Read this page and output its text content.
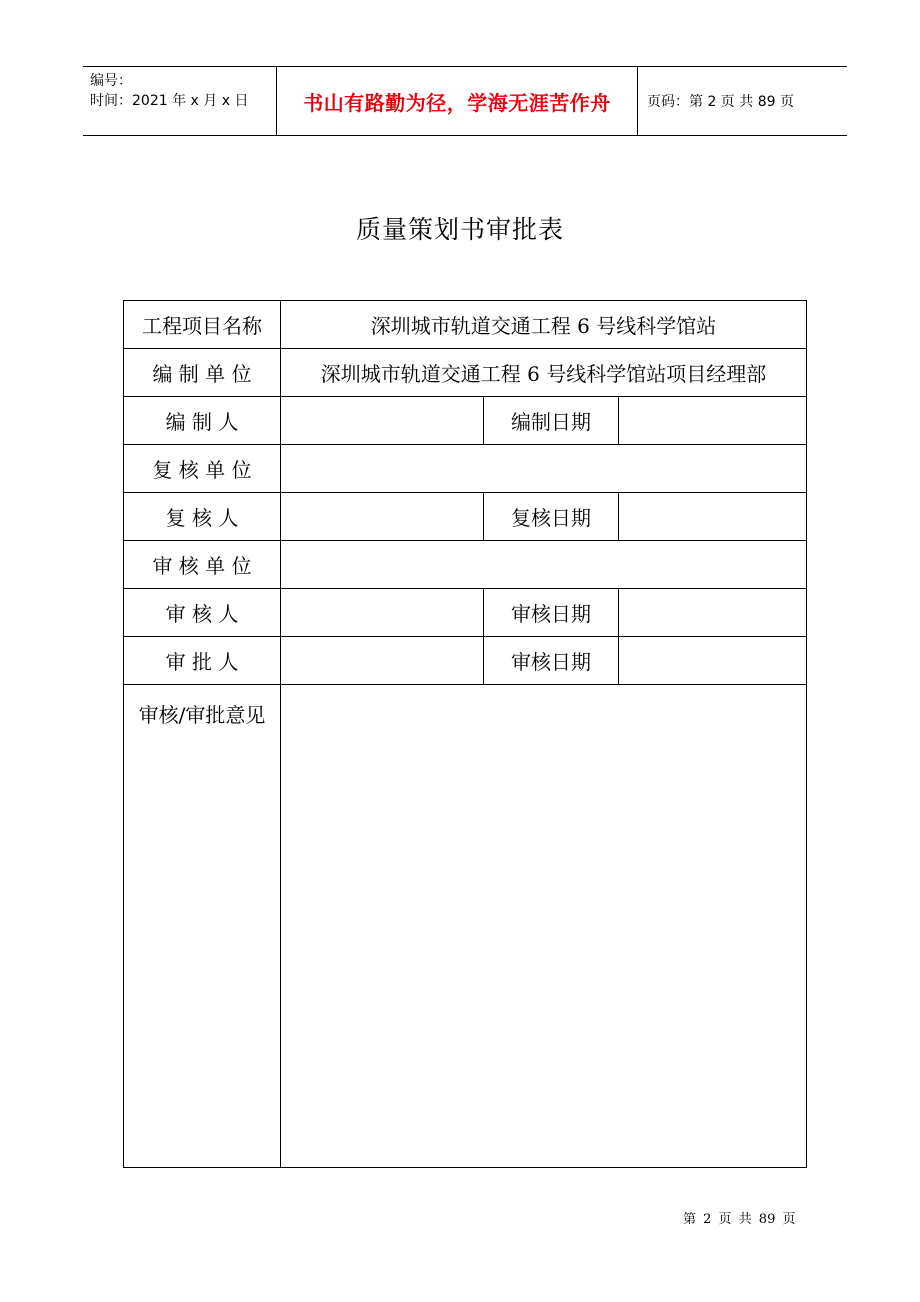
编号：
时间：2021 年 x 月 x 日	书山有路勤为径，学海无涯苦作舟	页码：第 2 页 共 89 页
质量策划书审批表
工程项目名称	深圳城市轨道交通工程 6 号线科学馆站		
编 制 单 位	深圳城市轨道交通工程 6 号线科学馆站项目经理部		
编 制 人		编制日期	
复 核 单 位			
复 核 人		复核日期	
审 核 单 位			
审 核 人		审核日期	
审 批 人		审核日期	
审核/审批意见			
第 2 页 共 89 页
